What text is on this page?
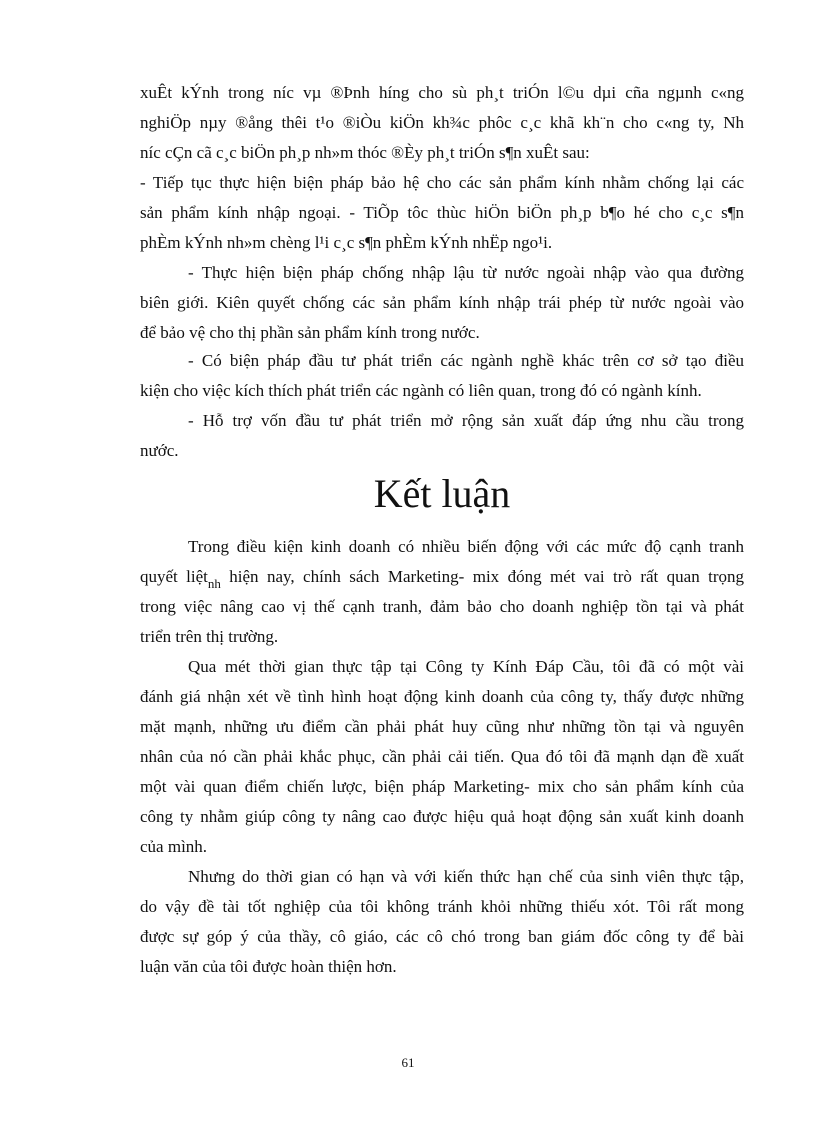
xuÊt kÝnh trong níc vµ ®Þnh híng cho sù ph¸t triÓn l©u dµi cña ngµnh c«ng
nghiÖp nµy ®ång thêi t¹o ®iÒu kiÖn kh¾c phôc c¸c khã kh¨n cho c«ng ty, Nh
níc cÇn cã c¸c biÖn ph¸p nh»m thóc ®Èy ph¸t triÓn s¶n xuÊt sau:
- Tiếp tục thực hiện biện pháp bảo hệ cho các sản phẩm kính nhằm chống lại các
sản phẩm kính nhập ngoại. - TiÕp tôc thùc hiÖn biÖn ph¸p b¶o hé cho c¸c s¶n
phÈm kÝnh nh»m chèng l¹i c¸c s¶n phÈm kÝnh nhËp ngo¹i.
- Thực hiện biện pháp chống nhập lậu từ nước ngoài nhập vào qua đường
biên giới. Kiên quyết chống các sản phẩm kính nhập trái phép từ nước ngoài vào
để bảo vệ cho thị phần sản phẩm kính trong nước.
- Có biện pháp đầu tư phát triển các ngành nghề khác trên cơ sở tạo điều
kiện cho việc kích thích phát triển các ngành có liên quan, trong đó có ngành kính.
- Hỗ trợ vốn đầu tư phát triển mở rộng sản xuất đáp ứng nhu cầu trong
nước.
Kết luận
Trong điều kiện kinh doanh có nhiều biến động với các mức độ cạnh tranh
quyết liệt$_{nh}$ hiện nay, chính sách Marketing- mix đóng mét vai trò rất quan trọng
trong việc nâng cao vị thế cạnh tranh, đảm bảo cho doanh nghiệp tồn tại và phát
triển trên thị trường.
Qua mét thời gian thực tập tại Công ty Kính Đáp Cầu, tôi đã có một vài
đánh giá nhận xét về tình hình hoạt động kinh doanh của công ty, thấy được những
mặt mạnh, những ưu điểm cần phải phát huy cũng như những tồn tại và nguyên
nhân của nó cần phải khắc phục, cần phải cải tiến. Qua đó tôi đã mạnh dạn đề xuất
một vài quan điểm chiến lược, biện pháp Marketing- mix cho sản phẩm kính của
công ty nhằm giúp công ty nâng cao được hiệu quả hoạt động sản xuất kinh doanh
của mình.
Nhưng do thời gian có hạn và với kiến thức hạn chế của sinh viên thực tập,
do vậy đề tài tốt nghiệp của tôi không tránh khỏi những thiếu xót. Tôi rất mong
được sự góp ý của thầy, cô giáo, các cô chó trong ban giám đốc công ty để bài
luận văn của tôi được hoàn thiện hơn.
61
